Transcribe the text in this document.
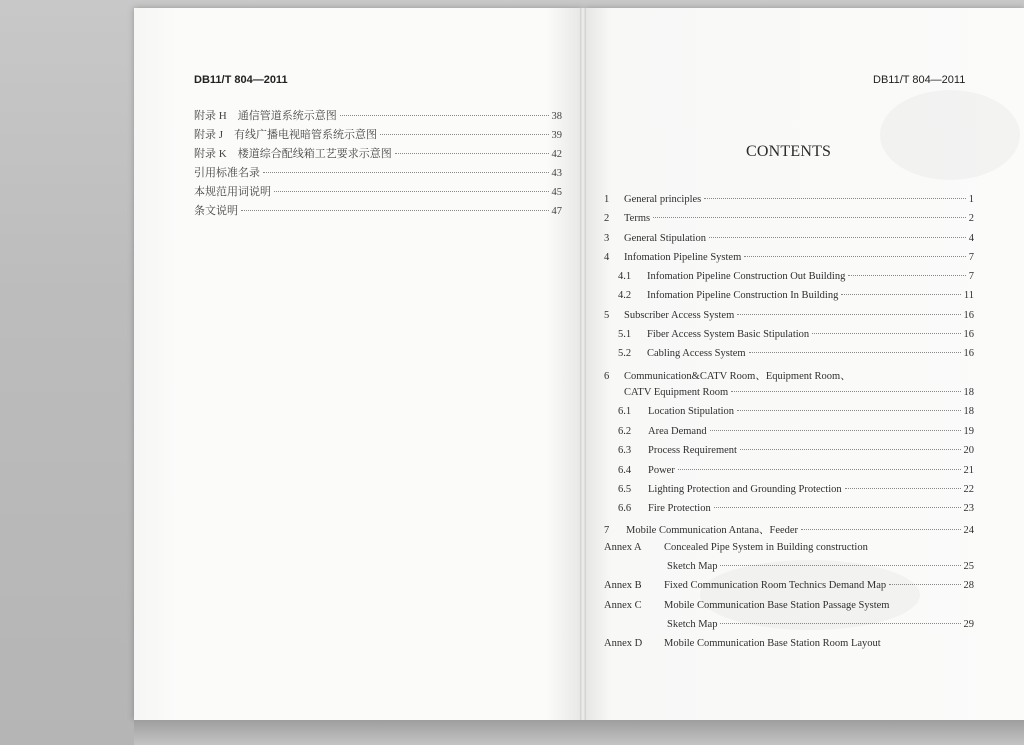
DB11/T 804—2011	DB11/T 804—2011
附录 H　通信管道系统示意图	38
附录 J　有线广播电视暗管系统示意图	39
附录 K　楼道综合配线箱工艺要求示意图	42
引用标准名录	43
本规范用词说明	45
条文说明	47
CONTENTS
1 General principles	1
2 Terms	2
3 General Stipulation	4
4 Infomation Pipeline System	7
4.1 Infomation Pipeline Construction Out Building	7
4.2 Infomation Pipeline Construction In Building	11
5 Subscriber Access System	16
5.1 Fiber Access System Basic Stipulation	16
5.2 Cabling Access System	16
6 Communication&CATV Room、Equipment Room、
CATV Equipment Room	18
6.1 Location Stipulation	18
6.2 Area Demand	19
6.3 Process Requirement	20
6.4 Power	21
6.5 Lighting Protection and Grounding Protection	22
6.6 Fire Protection	23
7 Mobile Communication Antana、Feeder	24
Annex A Concealed Pipe System in Building construction
Sketch Map	25
Annex B Fixed Communication Room Technics Demand Map	28
Annex C Mobile Communication Base Station Passage System
Sketch Map	29
Annex D Mobile Communication Base Station Room Layout
